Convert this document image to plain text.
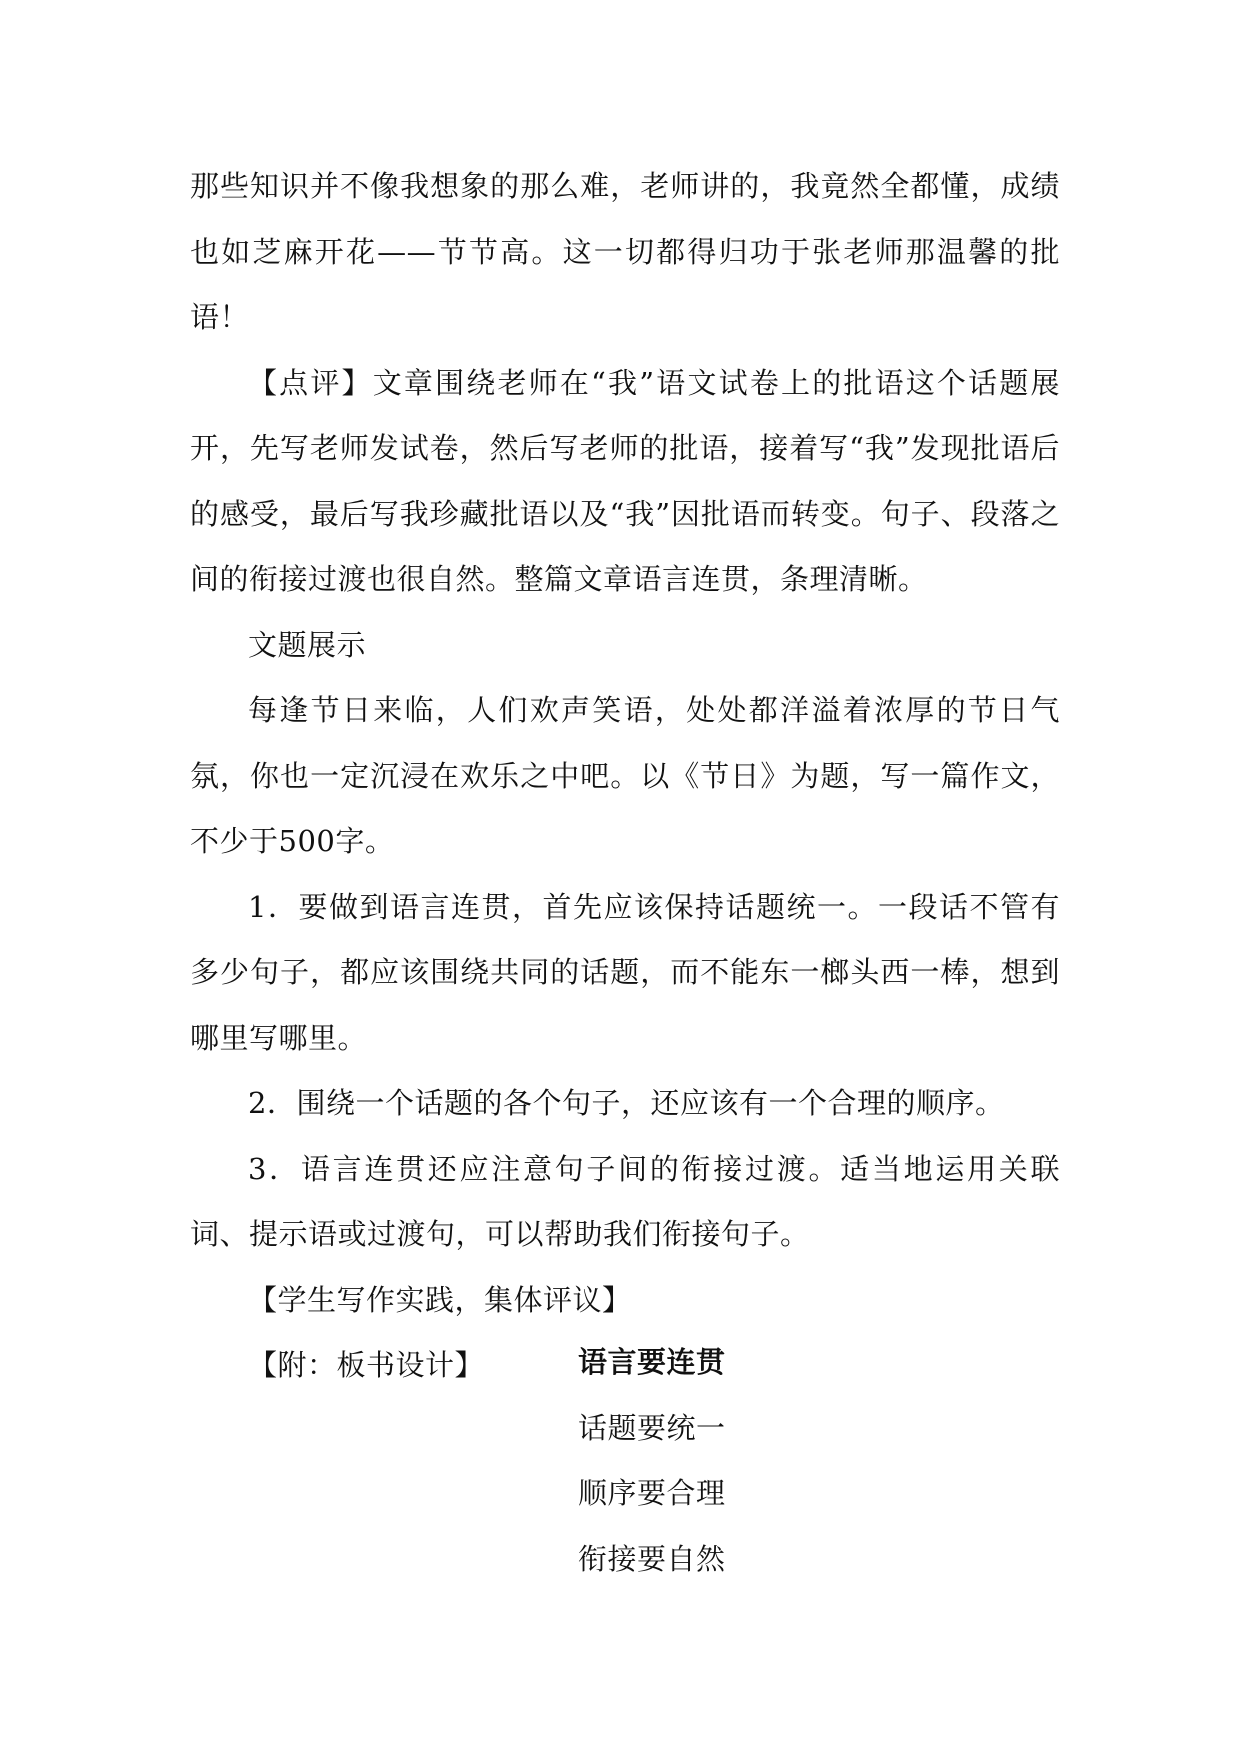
那些知识并不像我想象的那么难，老师讲的，我竟然全都懂，成绩也如芝麻开花——节节高。这一切都得归功于张老师那温馨的批语！

【点评】文章围绕老师在“我”语文试卷上的批语这个话题展开，先写老师发试卷，然后写老师的批语，接着写“我”发现批语后的感受，最后写我珍藏批语以及“我”因批语而转变。句子、段落之间的衔接过渡也很自然。整篇文章语言连贯，条理清晰。

文题展示

每逢节日来临，人们欢声笑语，处处都洋溢着浓厚的节日气氛，你也一定沉浸在欢乐之中吧。以《节日》为题，写一篇作文，不少于500字。

1．要做到语言连贯，首先应该保持话题统一。一段话不管有多少句子，都应该围绕共同的话题，而不能东一榔头西一棒，想到哪里写哪里。

2．围绕一个话题的各个句子，还应该有一个合理的顺序。

3．语言连贯还应注意句子间的衔接过渡。适当地运用关联词、提示语或过渡句，可以帮助我们衔接句子。

【学生写作实践，集体评议】

【附：板书设计】	语言要连贯

话题要统一

顺序要合理

衔接要自然
